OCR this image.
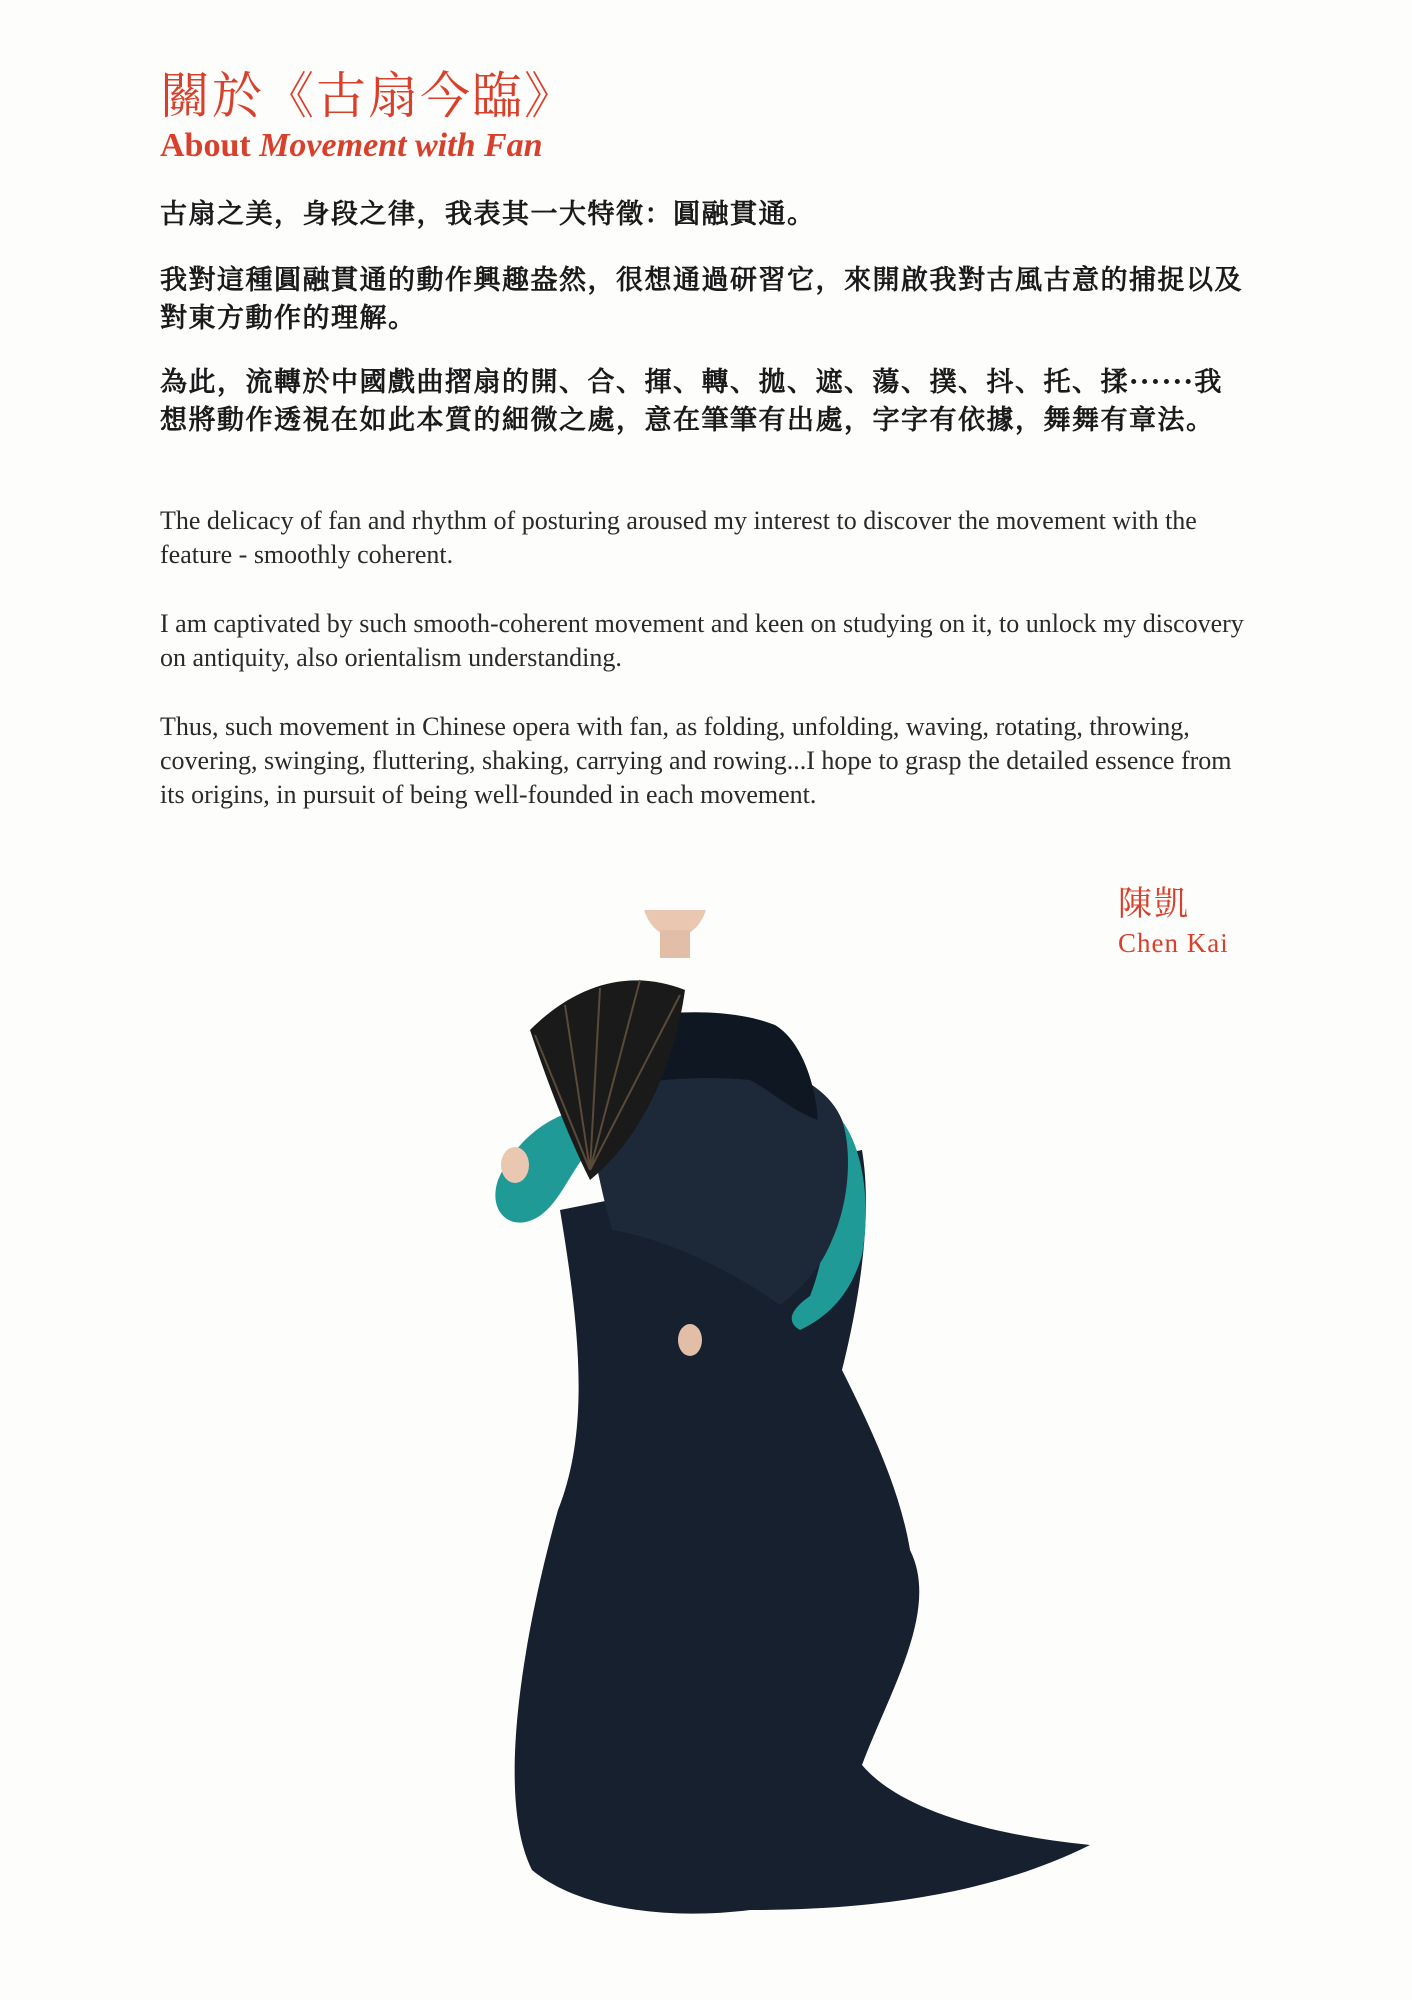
關於《古扇今臨》
About Movement with Fan
古扇之美，身段之律，我表其一大特徵：圓融貫通。
我對這種圓融貫通的動作興趣盎然，很想通過研習它，來開啟我對古風古意的捕捉以及對東方動作的理解。
為此，流轉於中國戲曲摺扇的開、合、揮、轉、拋、遮、蕩、撲、抖、托、揉······我想將動作透視在如此本質的細微之處，意在筆筆有出處，字字有依據，舞舞有章法。
The delicacy of fan and rhythm of posturing aroused my interest to discover the movement with the feature - smoothly coherent.
I am captivated by such smooth-coherent movement and keen on studying on it, to unlock my discovery on antiquity, also orientalism understanding.
Thus, such movement in Chinese opera with fan, as folding, unfolding, waving, rotating, throwing, covering, swinging, fluttering, shaking, carrying and rowing...I hope to grasp the detailed essence from its origins, in pursuit of being well-founded in each movement.
陳凱
Chen Kai
